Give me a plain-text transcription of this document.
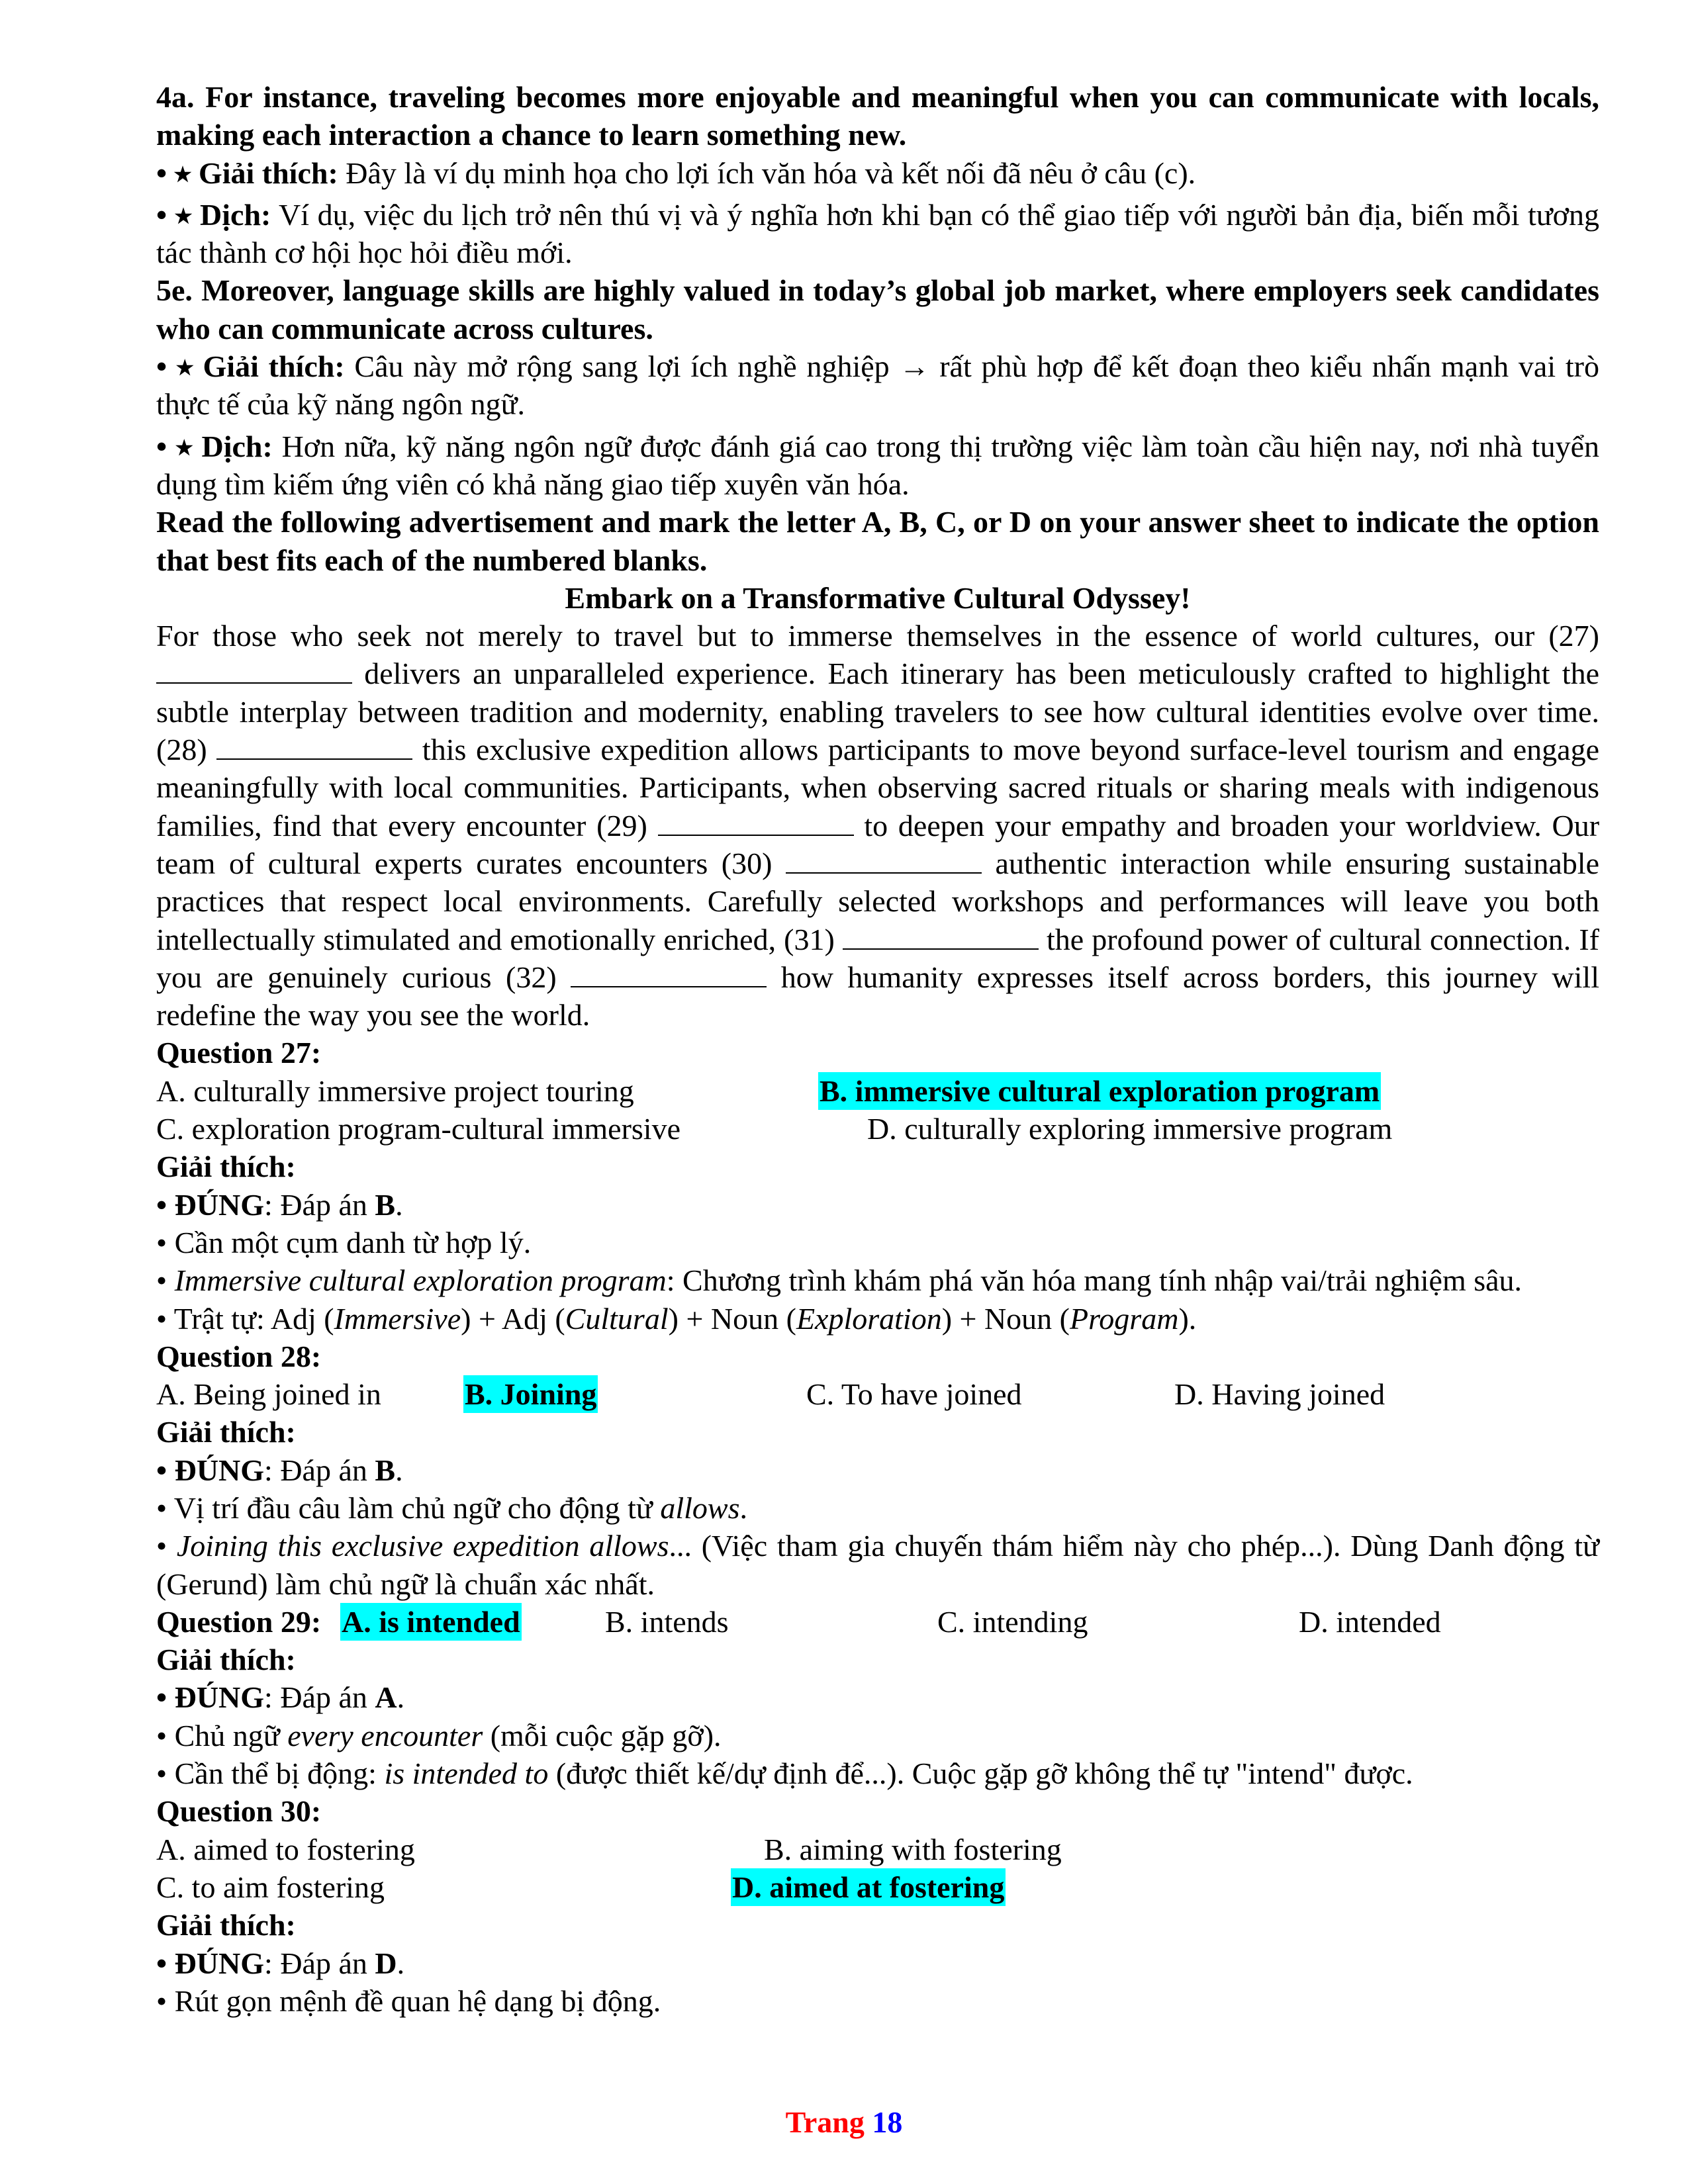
4a. For instance, traveling becomes more enjoyable and meaningful when you can communicate with locals, making each interaction a chance to learn something new.

• ⭑ Giải thích: Đây là ví dụ minh họa cho lợi ích văn hóa và kết nối đã nêu ở câu (c).

• ⭑ Dịch: Ví dụ, việc du lịch trở nên thú vị và ý nghĩa hơn khi bạn có thể giao tiếp với người bản địa, biến mỗi tương tác thành cơ hội học hỏi điều mới.

5e. Moreover, language skills are highly valued in today’s global job market, where employers seek candidates who can communicate across cultures.

• ⭑ Giải thích: Câu này mở rộng sang lợi ích nghề nghiệp → rất phù hợp để kết đoạn theo kiểu nhấn mạnh vai trò thực tế của kỹ năng ngôn ngữ.

• ⭑ Dịch: Hơn nữa, kỹ năng ngôn ngữ được đánh giá cao trong thị trường việc làm toàn cầu hiện nay, nơi nhà tuyển dụng tìm kiếm ứng viên có khả năng giao tiếp xuyên văn hóa.

Read the following advertisement and mark the letter A, B, C, or D on your answer sheet to indicate the option that best fits each of the numbered blanks.

Embark on a Transformative Cultural Odyssey!

For those who seek not merely to travel but to immerse themselves in the essence of world cultures, our (27)  delivers an unparalleled experience. Each itinerary has been meticulously crafted to highlight the subtle interplay between tradition and modernity, enabling travelers to see how cultural identities evolve over time. (28)	this exclusive expedition allows participants to move beyond surface-level tourism and engage meaningfully with local communities. Participants, when observing sacred rituals or sharing meals with indigenous families, find that every encounter (29)	to deepen your empathy and broaden your worldview. Our team of cultural experts curates encounters (30)	authentic interaction while ensuring sustainable practices that respect local environments. Carefully selected workshops and performances will leave you both intellectually stimulated and emotionally enriched, (31)	the profound power of cultural connection. If you are genuinely curious (32)	how humanity expresses itself across borders, this journey will redefine the way you see the world.

Question 27:

A. culturally immersive project touring	B. immersive cultural exploration program
C. exploration program-cultural immersive	D. culturally exploring immersive program

Giải thích:

• ĐÚNG: Đáp án B.

• Cần một cụm danh từ hợp lý.

• Immersive cultural exploration program: Chương trình khám phá văn hóa mang tính nhập vai/trải nghiệm sâu.

• Trật tự: Adj (Immersive) + Adj (Cultural) + Noun (Exploration) + Noun (Program).

Question 28:

A. Being joined in	B. Joining	C. To have joined	D. Having joined

Giải thích:

• ĐÚNG: Đáp án B.

• Vị trí đầu câu làm chủ ngữ cho động từ allows.

• Joining this exclusive expedition allows... (Việc tham gia chuyến thám hiểm này cho phép...). Dùng Danh động từ (Gerund) làm chủ ngữ là chuẩn xác nhất.

Question 29: A. is intended	B. intends	C. intending	D. intended

Giải thích:

• ĐÚNG: Đáp án A.

• Chủ ngữ every encounter (mỗi cuộc gặp gỡ).

• Cần thể bị động: is intended to (được thiết kế/dự định để...). Cuộc gặp gỡ không thể tự "intend" được.

Question 30:

A. aimed to fostering	B. aiming with fostering
C. to aim fostering	D. aimed at fostering

Giải thích:

• ĐÚNG: Đáp án D.

• Rút gọn mệnh đề quan hệ dạng bị động.

Trang 18
